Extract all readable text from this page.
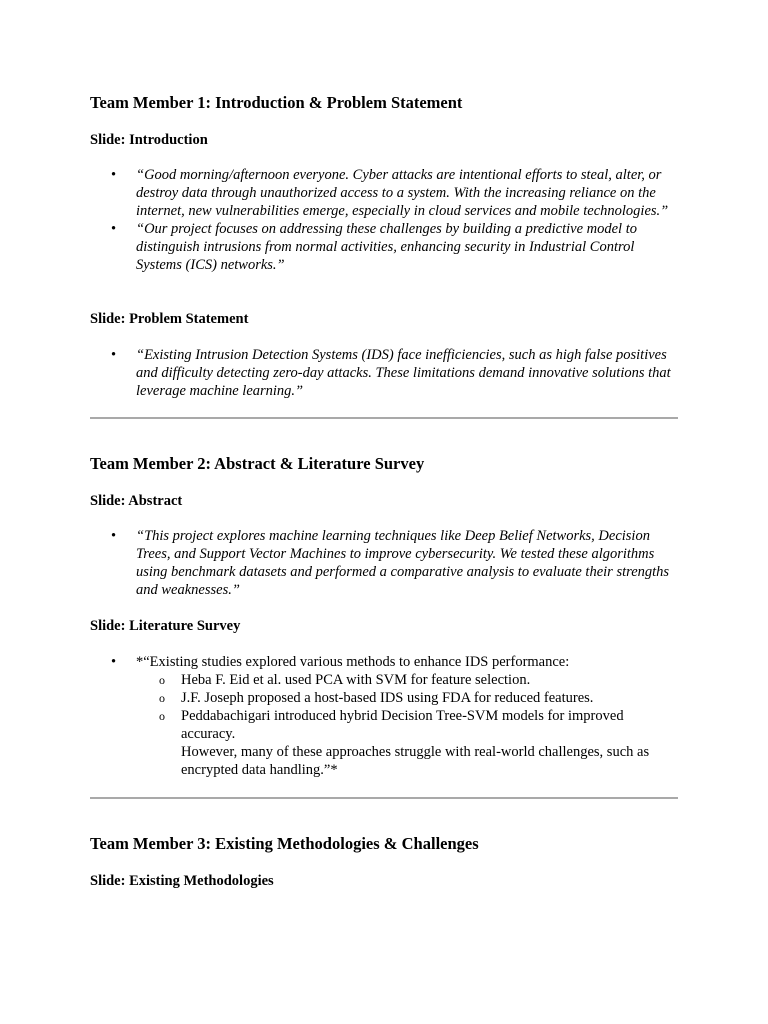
Team Member 1: Introduction & Problem Statement
Slide: Introduction
• “Good morning/afternoon everyone. Cyber attacks are intentional efforts to steal, alter, or destroy data through unauthorized access to a system. With the increasing reliance on the internet, new vulnerabilities emerge, especially in cloud services and mobile technologies.”
• “Our project focuses on addressing these challenges by building a predictive model to distinguish intrusions from normal activities, enhancing security in Industrial Control Systems (ICS) networks.”
Slide: Problem Statement
• “Existing Intrusion Detection Systems (IDS) face inefficiencies, such as high false positives and difficulty detecting zero-day attacks. These limitations demand innovative solutions that leverage machine learning.”
Team Member 2: Abstract & Literature Survey
Slide: Abstract
• “This project explores machine learning techniques like Deep Belief Networks, Decision Trees, and Support Vector Machines to improve cybersecurity. We tested these algorithms using benchmark datasets and performed a comparative analysis to evaluate their strengths and weaknesses.”
Slide: Literature Survey
• *“Existing studies explored various methods to enhance IDS performance:
o Heba F. Eid et al. used PCA with SVM for feature selection.
o J.F. Joseph proposed a host-based IDS using FDA for reduced features.
o Peddabachigari introduced hybrid Decision Tree-SVM models for improved accuracy.
However, many of these approaches struggle with real-world challenges, such as encrypted data handling.”*
Team Member 3: Existing Methodologies & Challenges
Slide: Existing Methodologies
